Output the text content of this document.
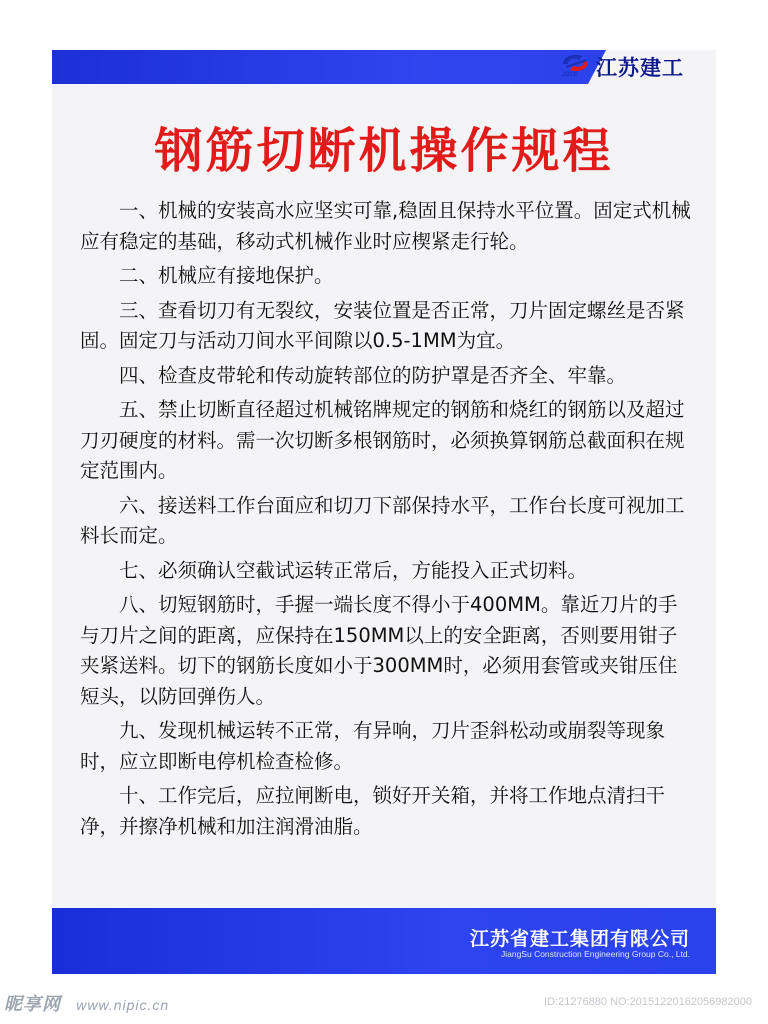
JSCE 江苏建工
钢筋切断机操作规程

一、机械的安装高水应坚实可靠,稳固且保持水平位置。固定式机械应有稳定的基础，移动式机械作业时应楔紧走行轮。

二、机械应有接地保护。

三、查看切刀有无裂纹，安装位置是否正常，刀片固定螺丝是否紧固。固定刀与活动刀间水平间隙以0.5-1MM为宜。

四、检查皮带轮和传动旋转部位的防护罩是否齐全、牢靠。

五、禁止切断直径超过机械铭牌规定的钢筋和烧红的钢筋以及超过刀刃硬度的材料。需一次切断多根钢筋时，必须换算钢筋总截面积在规定范围内。

六、接送料工作台面应和切刀下部保持水平，工作台长度可视加工料长而定。

七、必须确认空截试运转正常后，方能投入正式切料。

八、切短钢筋时，手握一端长度不得小于400MM。靠近刀片的手与刀片之间的距离，应保持在150MM以上的安全距离，否则要用钳子夹紧送料。切下的钢筋长度如小于300MM时，必须用套管或夹钳压住短头，以防回弹伤人。

九、发现机械运转不正常，有异响，刀片歪斜松动或崩裂等现象时，应立即断电停机检查检修。

十、工作完后，应拉闸断电，锁好开关箱，并将工作地点清扫干净，并擦净机械和加注润滑油脂。

江苏省建工集团有限公司
JiangSu Construction Engineering Group Co., Ltd.
昵享网 www.nipic.cn	ID:21276880 NO:20151220162056982000
